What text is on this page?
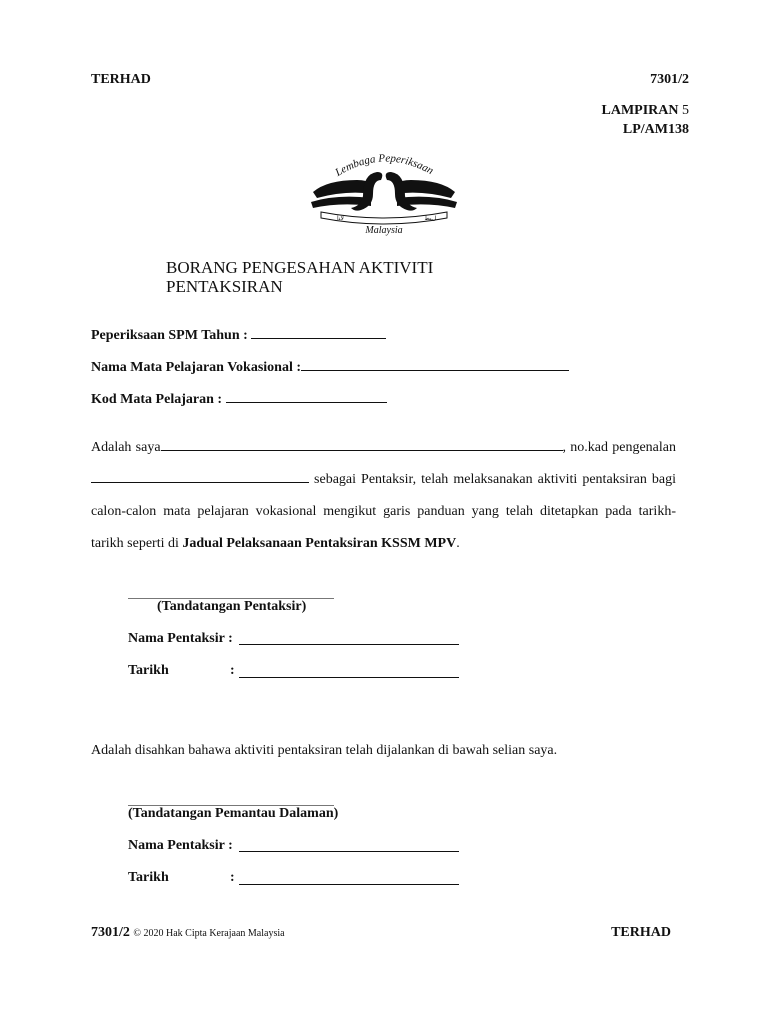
TERHAD	7301/2
LAMPIRAN 5
LP/AM138
Lembaga Peperiksaan
ﻻﻨﺍ	ﻞﻴﻄ
Malaysia
BORANG PENGESAHAN AKTIVITI
PENTAKSIRAN
Peperiksaan SPM Tahun :
Nama Mata Pelajaran Vokasional :
Kod Mata Pelajaran :
Adalah saya	, no.kad pengenalan
sebagai Pentaksir, telah melaksanakan aktiviti pentaksiran bagi
calon-calon mata pelajaran vokasional mengikut garis panduan yang telah ditetapkan pada tarikh-
tarikh seperti di Jadual Pelaksanaan Pentaksiran KSSM MPV.
(Tandatangan Pentaksir)
Nama Pentaksir :
Tarikh	:
Adalah disahkan bahawa aktiviti pentaksiran telah dijalankan di bawah selian saya.
(Tandatangan Pemantau Dalaman)
Nama Pentaksir :
Tarikh	:
7301/2 © 2020 Hak Cipta Kerajaan Malaysia	TERHAD
